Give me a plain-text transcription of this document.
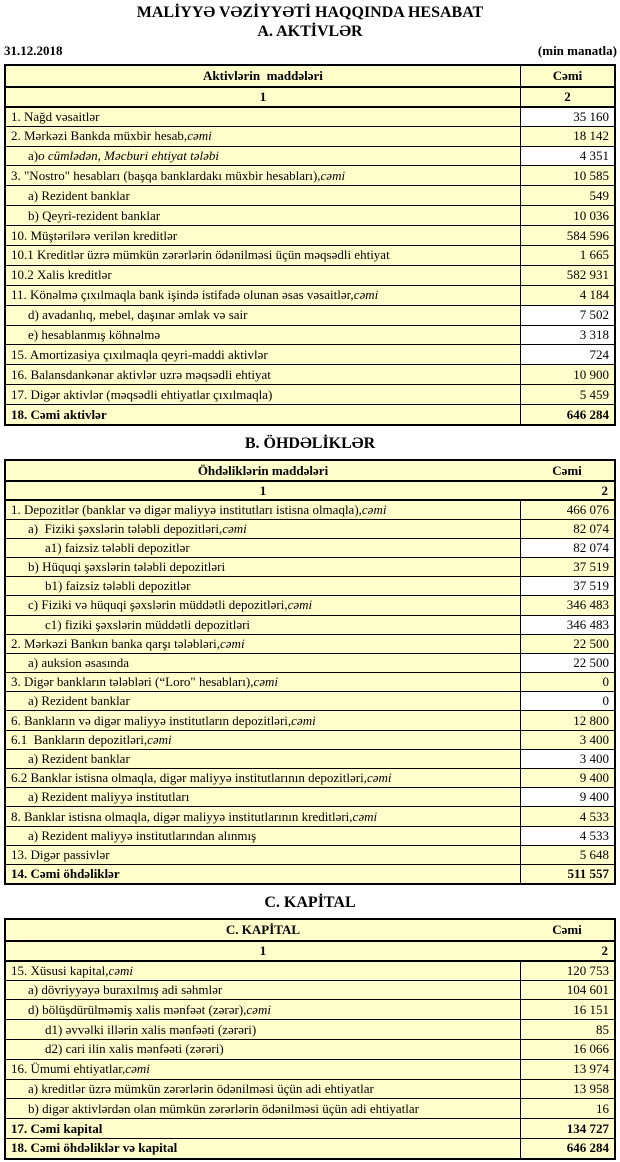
MALİYYƏ VƏZİYYƏTİ HAQQINDA HESABAT
A. AKTİVLƏR
31.12.2018	(min manatla)
Aktivlərin  maddələri	Cəmi
1	2
1. Nağd vəsaitlər	35 160
2. Mərkəzi Bankda müxbir hesab, cəmi	18 142
a) o cümlədən, Məcburi ehtiyat tələbi	4 351
3. "Nostro" hesabları (başqa banklardakı müxbir hesabları), cəmi	10 585
a) Rezident banklar	549
b) Qeyri-rezident banklar	10 036
10. Müştərilərə verilən kreditlər	584 596
10.1 Kreditlər üzrə mümkün zərərlərin ödənilməsi üçün məqsədli ehtiyat	1 665
10.2 Xalis kreditlər	582 931
11. Könəlmə çıxılmaqla bank işində istifadə olunan əsas vəsaitlər, cəmi	4 184
d) avadanlıq, mebel, daşınar əmlak və sair	7 502
e) hesablanmış köhnəlmə	3 318
15. Amortizasiya çıxılmaqla qeyri-maddi aktivlər	724
16. Balansdankənar aktivlər uzrə məqsədli ehtiyat	10 900
17. Digər aktivlər (məqsədli ehtiyatlar çıxılmaqla)	5 459
18. Cəmi aktivlər	646 284
B. ÖHDƏLİKLƏR
Öhdəliklərin maddələri	Cəmi
1	2
1. Depozitlər (banklar və digər maliyyə institutları istisna olmaqla), cəmi	466 076
a)  Fiziki şəxslərin tələbli depozitləri, cəmi	82 074
a1) faizsiz tələbli depozitlər	82 074
b) Hüquqi şəxslərin tələbli depozitləri	37 519
b1) faizsiz tələbli depozitlər	37 519
c) Fiziki və hüquqi şəxslərin müddətli depozitləri, cəmi	346 483
c1) fiziki şəxslərin müddətli depozitləri	346 483
2. Mərkəzi Bankın banka qarşı tələbləri, cəmi	22 500
a) auksion əsasında	22 500
3. Digər bankların tələbləri (“Loro" hesabları), cəmi	0
a) Rezident banklar	0
6. Bankların və digər maliyyə institutların depozitləri, cəmi	12 800
6.1  Bankların depozitləri, cəmi	3 400
a) Rezident banklar	3 400
6.2 Banklar istisna olmaqla, digər maliyyə institutlarının depozitləri, cəmi	9 400
a) Rezident maliyyə institutları	9 400
8. Banklar istisna olmaqla, digər maliyyə institutlarının kreditləri, cəmi	4 533
a) Rezident maliyyə institutlarından alınmış	4 533
13. Digər passivlər	5 648
14. Cəmi öhdəliklər	511 557
C. KAPİTAL
C. KAPİTAL	Cəmi
1	2
15. Xüsusi kapital, cəmi	120 753
a) dövriyyəyə buraxılmış adi səhmlər	104 601
d) bölüşdürülməmiş xalis mənfəət (zərər), cəmi	16 151
d1) əvvəlki illərin xalis mənfəəti (zərəri)	85
d2) cari ilin xalis mənfəəti (zərəri)	16 066
16. Ümumi ehtiyatlar, cəmi	13 974
a) kreditlər üzrə mümkün zərərlərin ödənilməsi üçün adi ehtiyatlar	13 958
b) digər aktivlərdən olan mümkün zərərlərin ödənilməsi üçün adi ehtiyatlar	16
17. Cəmi kapital	134 727
18. Cəmi öhdəliklər və kapital	646 284
